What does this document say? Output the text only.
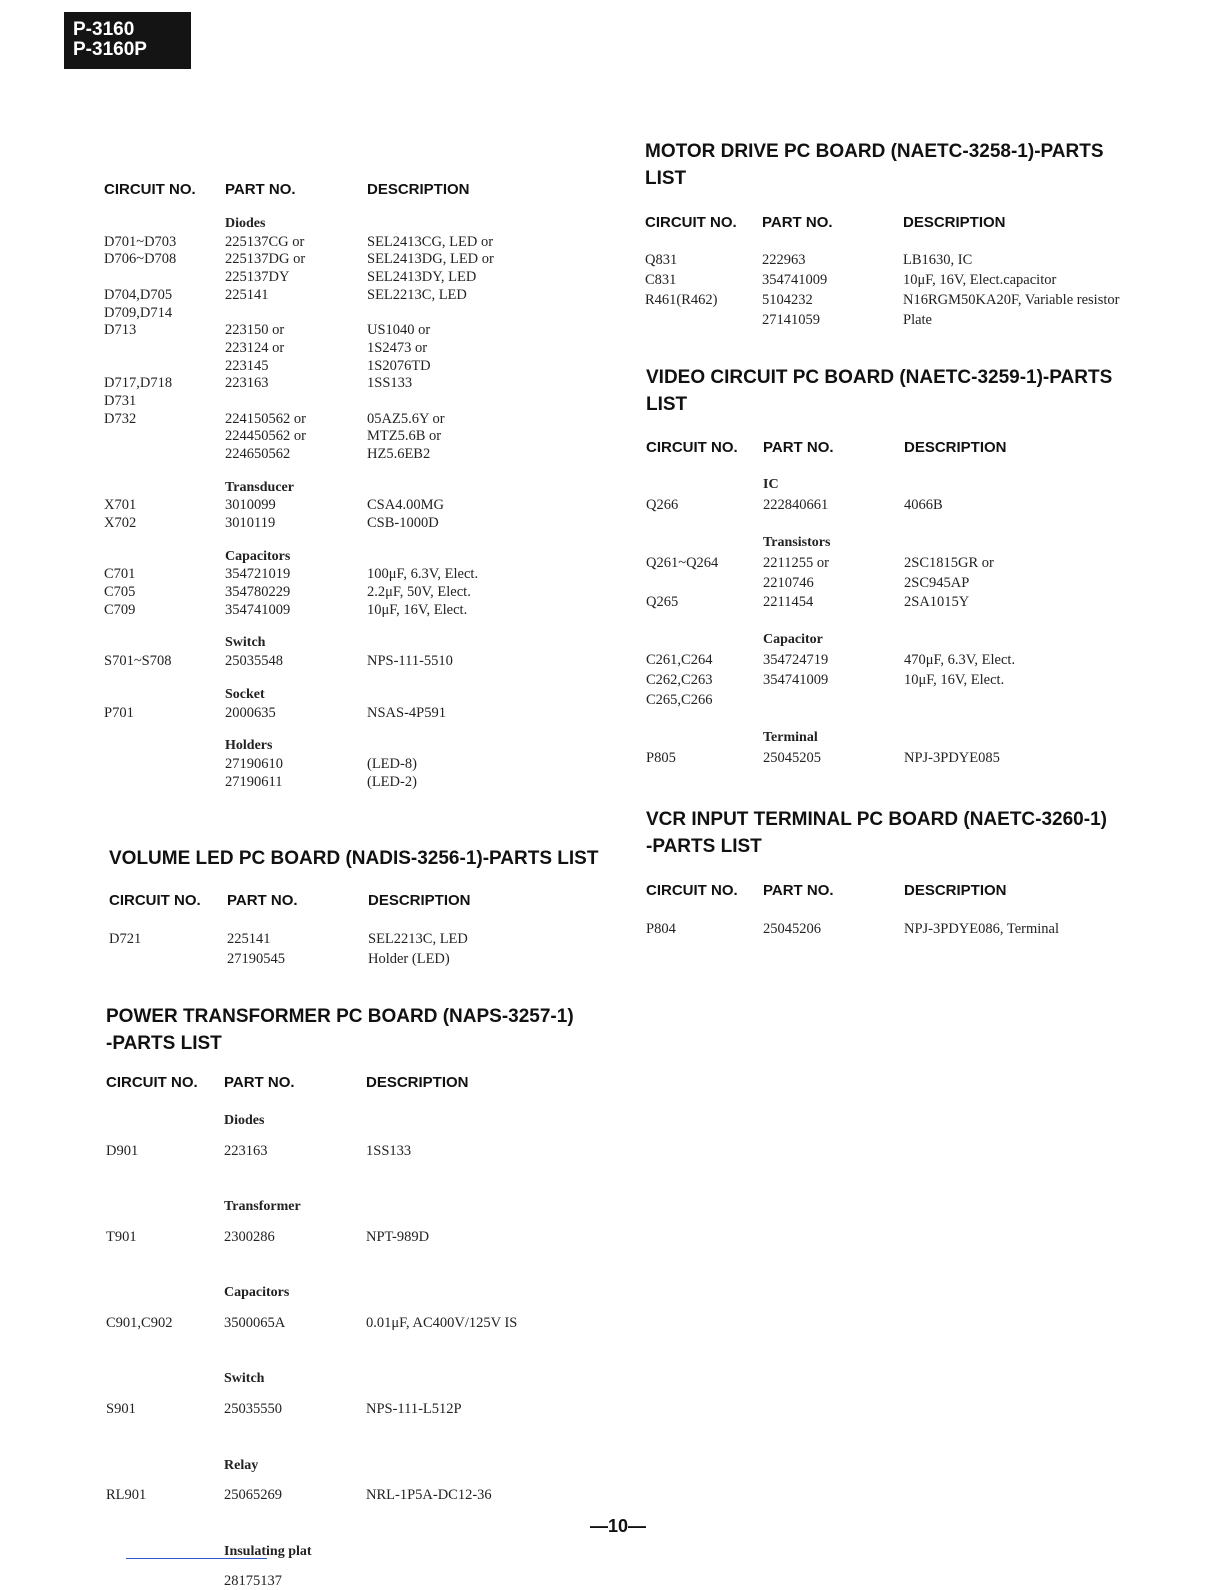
P-3160
P-3160P
—10—
CIRCUIT NO. PART NO.	DESCRIPTION
Diodes
D701~D703	225137CG or	SEL2413CG, LED or
D706~D708	225137DG or	SEL2413DG, LED or
225137DY	SEL2413DY, LED
D704,D705	225141	SEL2213C, LED
D709,D714
D713	223150 or	US1040 or
223124 or	1S2473 or
223145	1S2076TD
D717,D718	223163	1SS133
D731
D732	224150562 or	05AZ5.6Y or
224450562 or	MTZ5.6B or
224650562	HZ5.6EB2
Transducer
X701	3010099	CSA4.00MG
X702	3010119	CSB-1000D
Capacitors
C701	354721019	100μF, 6.3V, Elect.
C705	354780229	2.2μF, 50V, Elect.
C709	354741009	10μF, 16V, Elect.
Switch
S701~S708	25035548	NPS-111-5510
Socket
P701	2000635	NSAS-4P591
Holders
27190610	(LED-8)
27190611	(LED-2)
VOLUME LED PC BOARD (NADIS-3256-1)-PARTS LIST
CIRCUIT NO. PART NO.	DESCRIPTION
D721	225141	SEL2213C, LED
27190545	Holder (LED)
POWER TRANSFORMER PC BOARD (NAPS-3257-1)
-PARTS LIST
CIRCUIT NO. PART NO.	DESCRIPTION
Diodes
D901	223163	1SS133
Transformer
T901	2300286	NPT-989D
Capacitors
C901,C902	3500065A	0.01μF, AC400V/125V IS
Switch
S901	25035550	NPS-111-L512P
Relay
RL901	25065269	NRL-1P5A-DC12-36
Insulating plat
28175137
MOTOR DRIVE PC BOARD (NAETC-3258-1)-PARTS
LIST
CIRCUIT NO. PART NO.	DESCRIPTION
Q831	222963	LB1630, IC
C831	354741009	10μF, 16V, Elect.capacitor
R461(R462)	5104232	N16RGM50KA20F, Variable resistor
27141059	Plate
VIDEO CIRCUIT PC BOARD (NAETC-3259-1)-PARTS
LIST
CIRCUIT NO. PART NO.	DESCRIPTION
IC
Q266	222840661	4066B
Transistors
Q261~Q264	2211255 or	2SC1815GR or
2210746	2SC945AP
Q265	2211454	2SA1015Y
Capacitor
C261,C264	354724719	470μF, 6.3V, Elect.
C262,C263	354741009	10μF, 16V, Elect.
C265,C266
Terminal
P805	25045205	NPJ-3PDYE085
VCR INPUT TERMINAL PC BOARD (NAETC-3260-1)
-PARTS LIST
CIRCUIT NO. PART NO.	DESCRIPTION
P804	25045206	NPJ-3PDYE086, Terminal
